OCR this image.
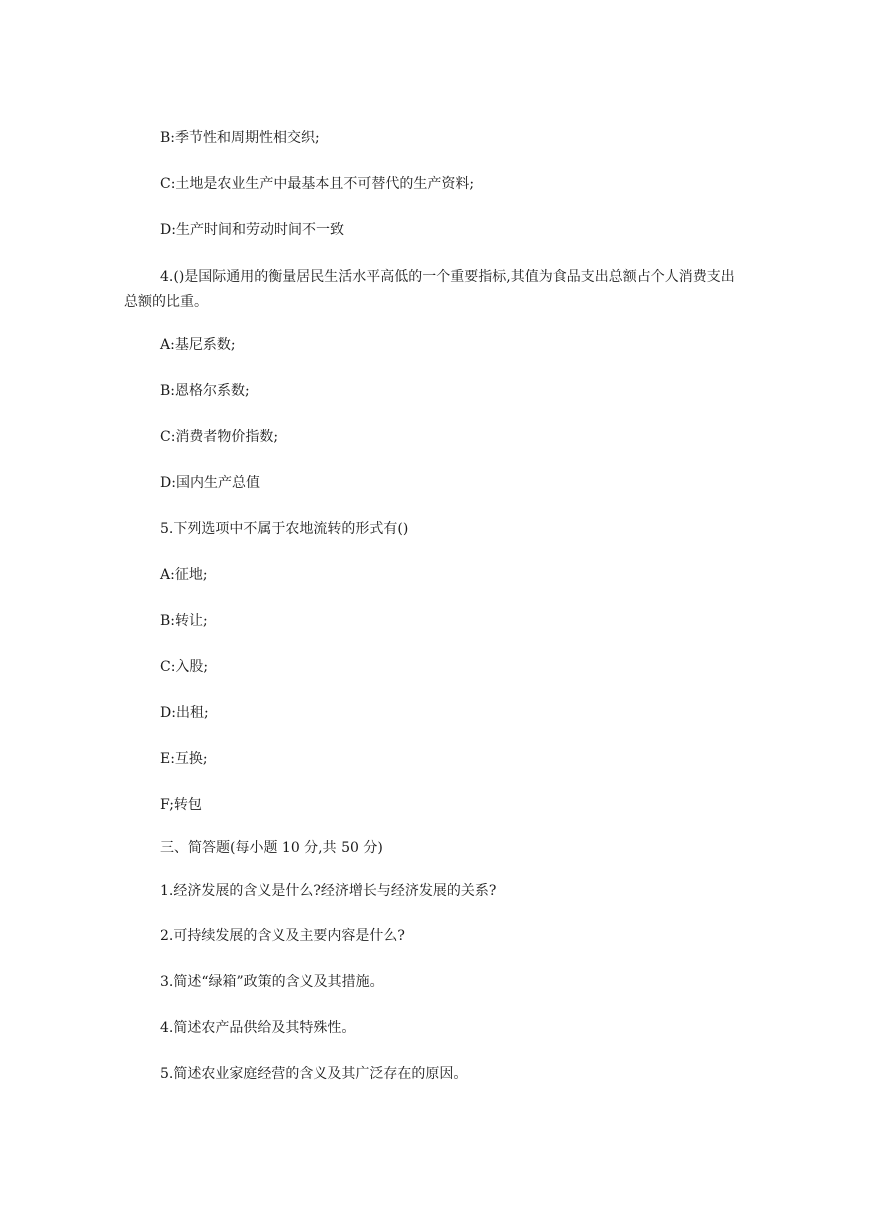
B:季节性和周期性相交织;
C:土地是农业生产中最基本且不可替代的生产资料;
D:生产时间和劳动时间不一致
4.()是国际通用的衡量居民生活水平高低的一个重要指标,其值为食品支出总额占个人消费支出总额的比重。
A:基尼系数;
B:恩格尔系数;
C:消费者物价指数;
D:国内生产总值
5.下列选项中不属于农地流转的形式有()
A:征地;
B:转让;
C:入股;
D:出租;
E:互换;
F;转包
三、简答题(每小题 10 分,共 50 分)
1.经济发展的含义是什么?经济增长与经济发展的关系?
2.可持续发展的含义及主要内容是什么?
3.简述“绿箱”政策的含义及其措施。
4.简述农产品供给及其特殊性。
5.简述农业家庭经营的含义及其广泛存在的原因。
